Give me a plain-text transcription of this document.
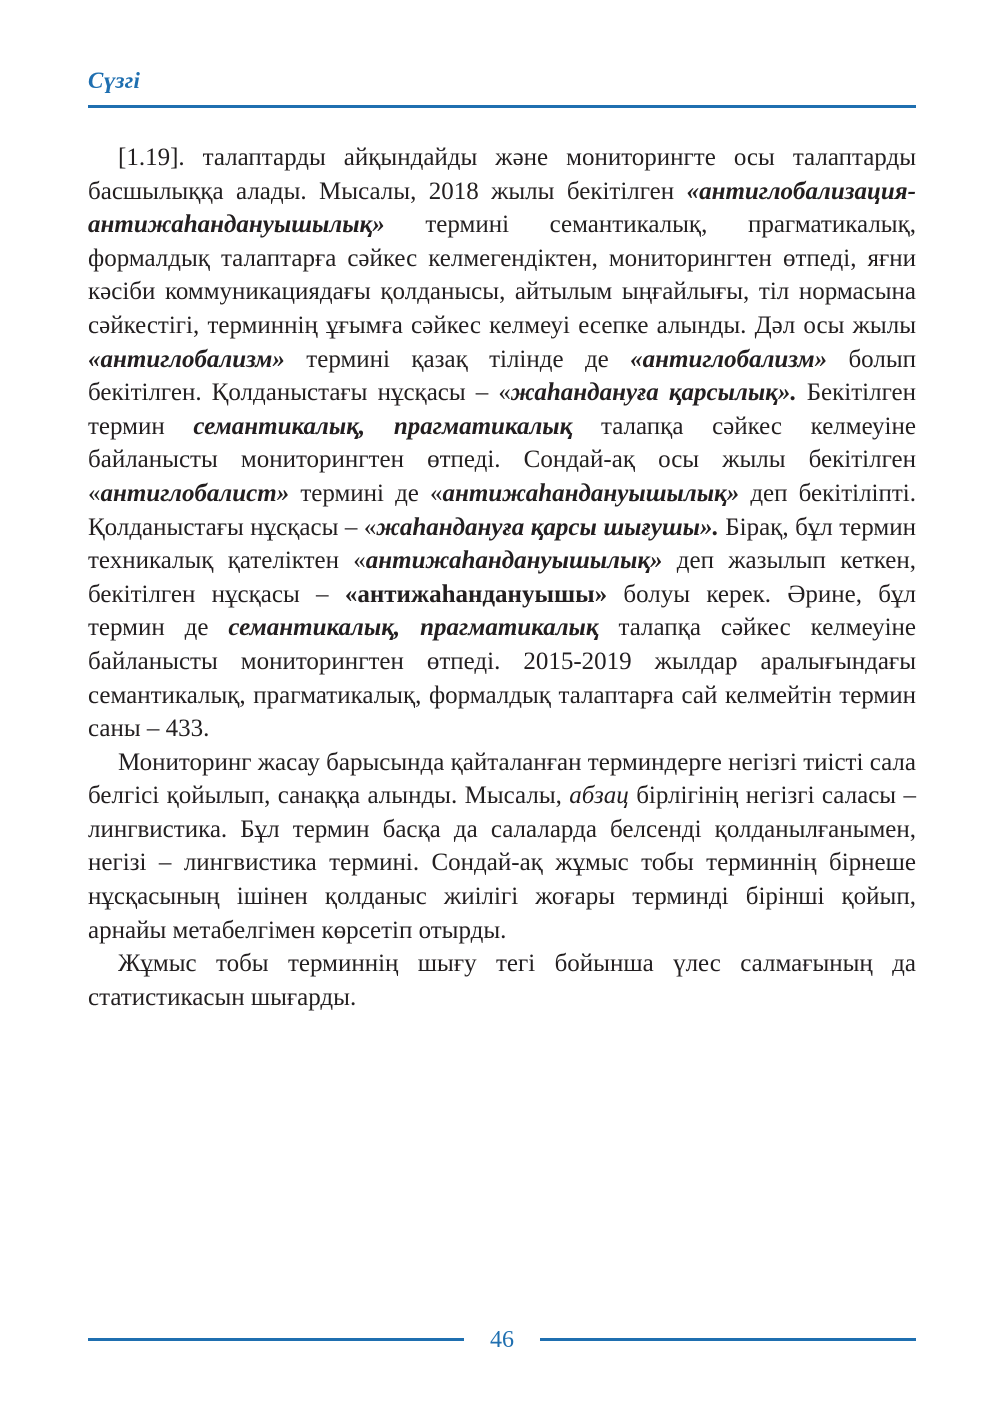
Сүзгі

[1.19]. талаптарды айқындайды және мониторингте осы талаптарды басшылыққа алады. Мысалы, 2018 жылы бекітілген «антиглобализация-антижаһандануышылық» термині семантикалық, прагматикалық, формалдық талаптарға сәйкес келмегендіктен, мониторингтен өтпеді, яғни кәсіби коммуникациядағы қолданысы, айтылым ыңғайлығы, тіл нормасына сәйкестігі, терминнің ұғымға сәйкес келмеуі есепке алынды. Дәл осы жылы «антиглобализм» термині қазақ тілінде де «антиглобализм» болып бекітілген. Қолданыстағы нұсқасы – «жаһандануға қарсылық». Бекітілген термин семантикалық, прагматикалық талапқа сәйкес келмеуіне байланысты мониторингтен өтпеді. Сондай-ақ осы жылы бекітілген «антиглобалист» термині де «антижаһандануышылық» деп бекітіліпті. Қолданыстағы нұсқасы – «жаһандануға қарсы шығушы». Бірақ, бұл термин техникалық қателіктен «антижаһандануышылық» деп жазылып кеткен, бекітілген нұсқасы – «антижаһандануышы» болуы керек. Әрине, бұл термин де семантикалық, прагматикалық талапқа сәйкес келмеуіне байланысты мониторингтен өтпеді. 2015-2019 жылдар аралығындағы семантикалық, прагматикалық, формалдық талаптарға сай келмейтін термин саны – 433.

Мониторинг жасау барысында қайталанған терминдерге негізгі тиісті сала белгісі қойылып, санаққа алынды. Мысалы, абзац бірлігінің негізгі саласы – лингвистика. Бұл термин басқа да салаларда белсенді қолданылғанымен, негізі – лингвистика термині. Сондай-ақ жұмыс тобы терминнің бірнеше нұсқасының ішінен қолданыс жиілігі жоғары терминді бірінші қойып, арнайы метабелгімен көрсетіп отырды.

Жұмыс тобы терминнің шығу тегі бойынша үлес салмағының да статистикасын шығарды.

46
